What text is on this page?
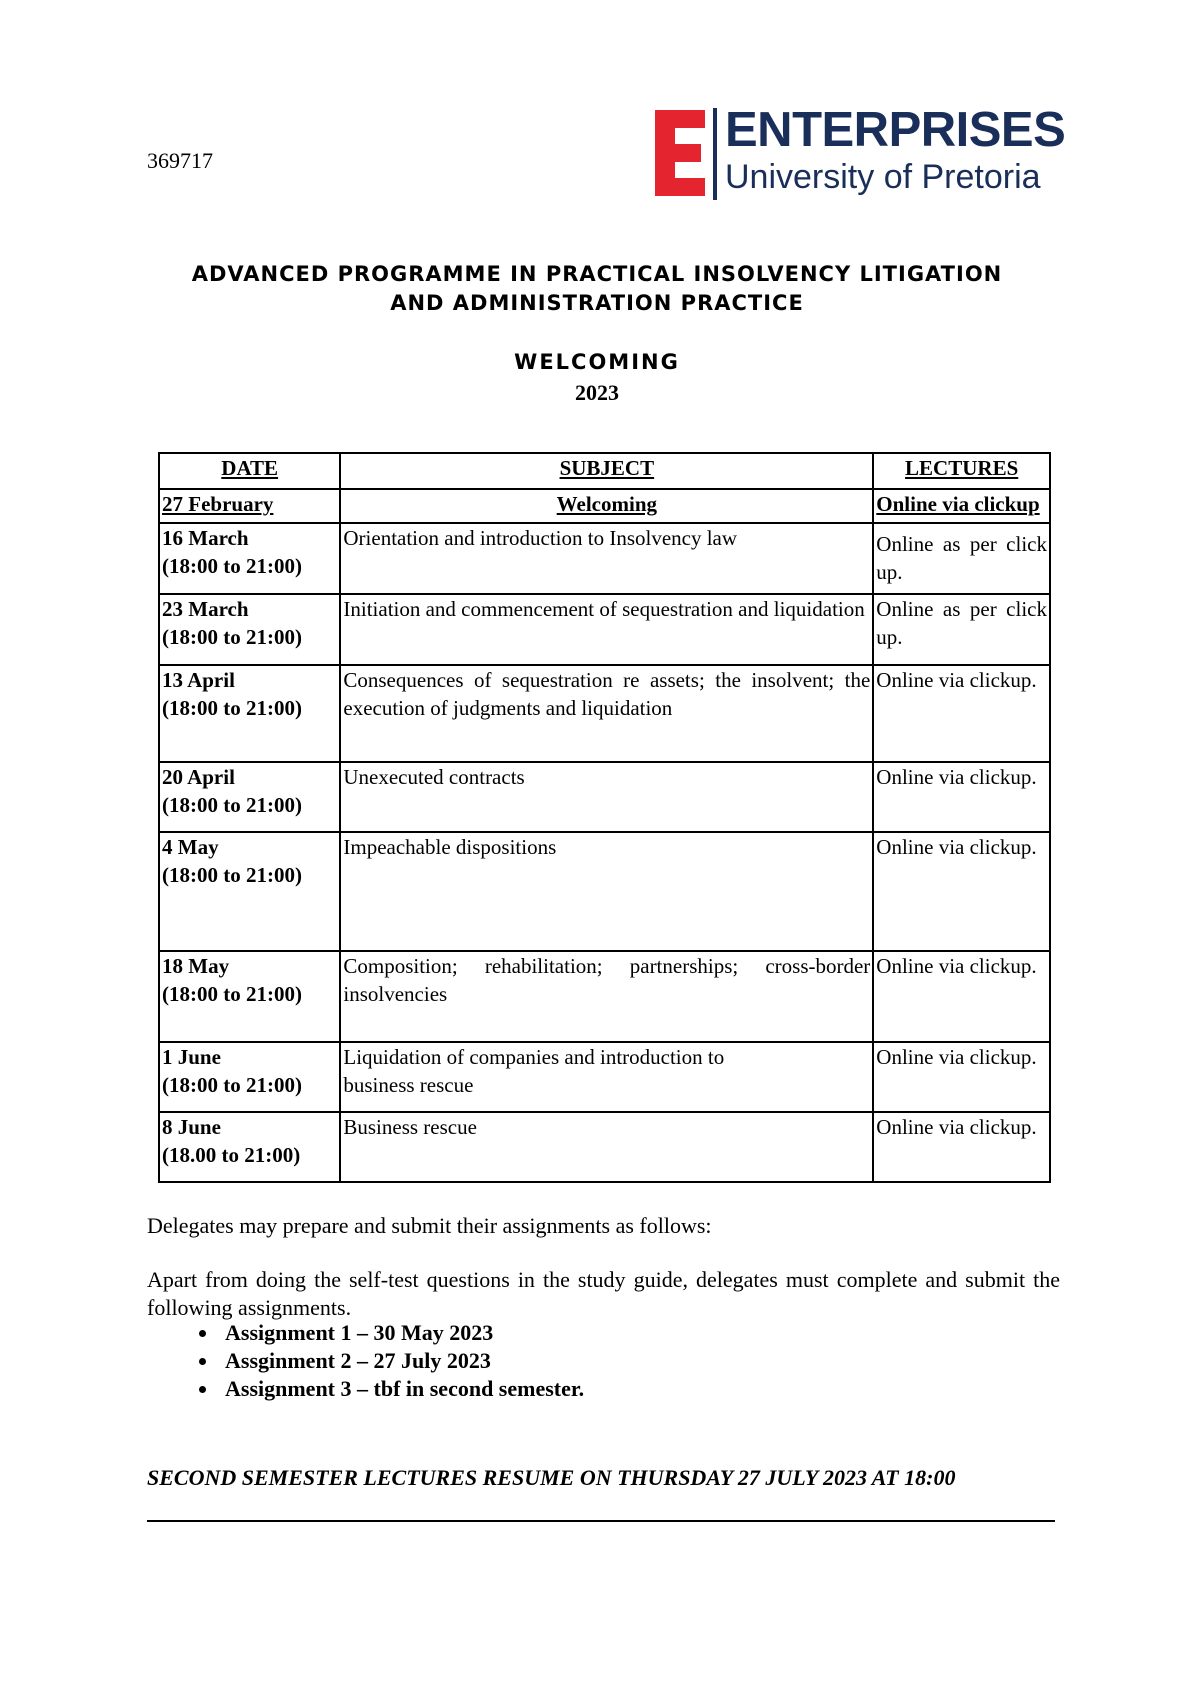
369717
ENTERPRISES
University of Pretoria
ADVANCED PROGRAMME IN PRACTICAL INSOLVENCY LITIGATION
AND ADMINISTRATION PRACTICE
WELCOMING
2023
DATE	SUBJECT	LECTURES
27 February	Welcoming	Online via clickup

16 March
(18:00 to 21:00)	Orientation and introduction to Insolvency law	Online as per click up.

23 March
(18:00 to 21:00)	Initiation and commencement of sequestration and liquidation	Online as per click up.

13 April
(18:00 to 21:00)	Consequences of sequestration re assets; the insolvent; the execution of judgments and liquidation	Online via clickup.

20 April
(18:00 to 21:00)	Unexecuted contracts	Online via clickup.

4 May
(18:00 to 21:00)	Impeachable dispositions	Online via clickup.

18 May
(18:00 to 21:00)	Composition; rehabilitation; partnerships; cross-border insolvencies	Online via clickup.

1 June
(18:00 to 21:00)	Liquidation of companies and introduction to business rescue	Online via clickup.

8 June
(18.00 to 21:00)	Business rescue	Online via clickup.
Delegates may prepare and submit their assignments as follows:
Apart from doing the self-test questions in the study guide, delegates must complete and submit the following assignments.
• Assignment 1 – 30 May 2023
• Assginment 2 – 27 July 2023
• Assignment 3 – tbf in second semester.
SECOND SEMESTER LECTURES RESUME ON THURSDAY 27 JULY 2023 AT 18:00
